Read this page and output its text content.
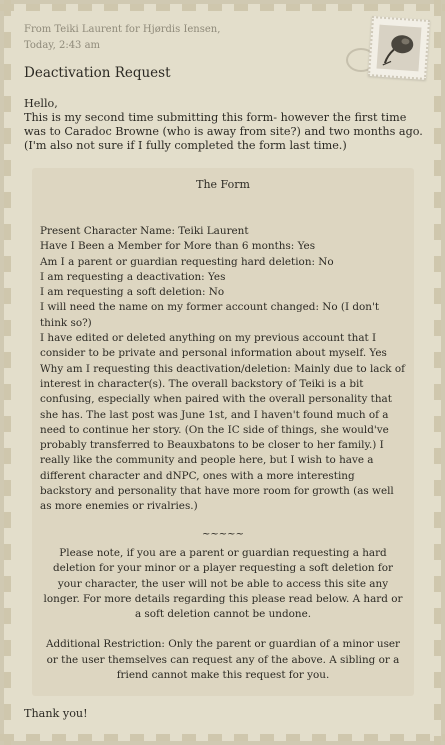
From Teiki Laurent for Hjørdis Iensen,
Today, 2:43 am
Deactivation Request

Hello,

This is my second time submitting this form- however the first time was to Caradoc Browne (who is away from site?) and two months ago. (I'm also not sure if I fully completed the form last time.)

The Form

Present Character Name: Teiki Laurent

Have I Been a Member for More than 6 months: Yes

Am I a parent or guardian requesting hard deletion: No

I am requesting a deactivation: Yes

I am requesting a soft deletion: No

I will need the name on my former account changed: No (I don't think so?)

I have edited or deleted anything on my previous account that I consider to be private and personal information about myself. Yes

Why am I requesting this deactivation/deletion: Mainly due to lack of interest in character(s). The overall backstory of Teiki is a bit confusing, especially when paired with the overall personality that she has. The last post was June 1st, and I haven't found much of a need to continue her story. (On the IC side of things, she would've probably transferred to Beauxbatons to be closer to her family.) I really like the community and people here, but I wish to have a different character and dNPC, ones with a more interesting backstory and personality that have more room for growth (as well as more enemies or rivalries.)

~~~~~

Please note, if you are a parent or guardian requesting a hard deletion for your minor or a player requesting a soft deletion for your character, the user will not be able to access this site any longer. For more details regarding this please read below. A hard or a soft deletion cannot be undone.

Additional Restriction: Only the parent or guardian of a minor user or the user themselves can request any of the above. A sibling or a friend cannot make this request for you.

Thank you!
